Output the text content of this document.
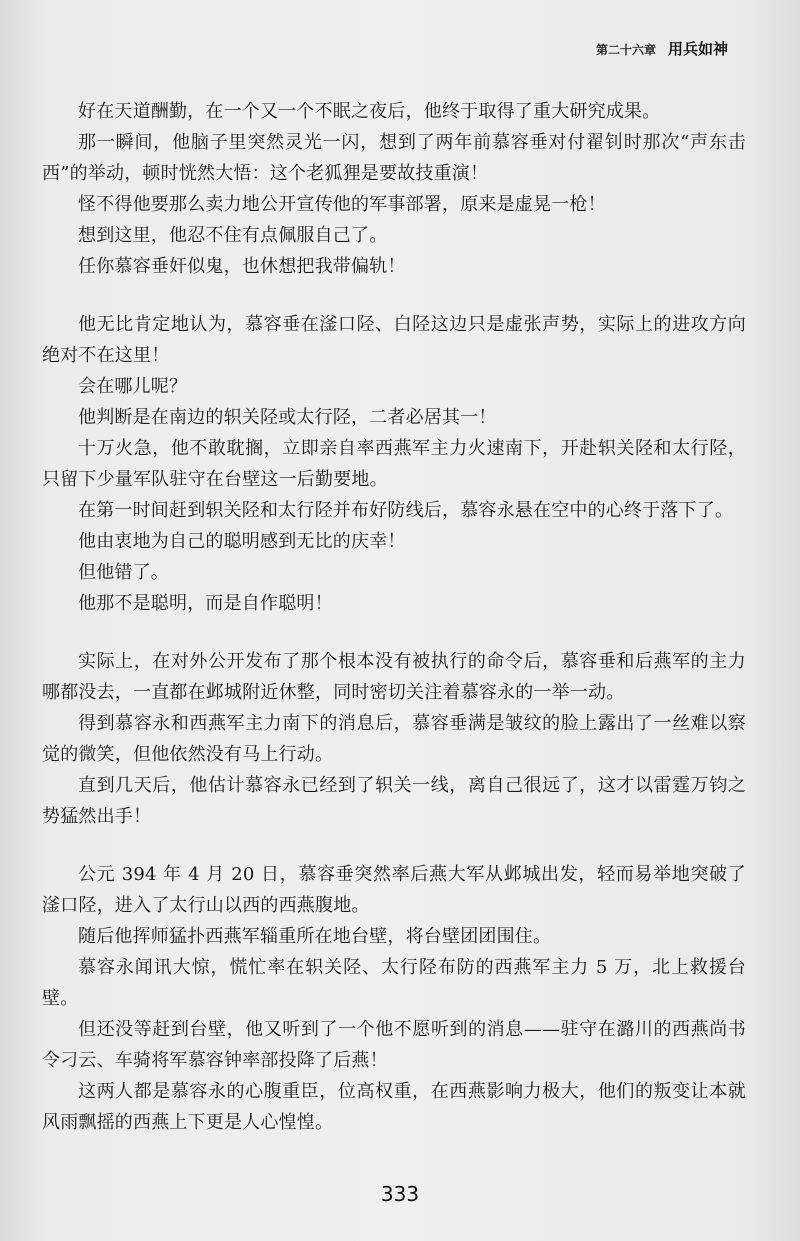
第二十六章 用兵如神

好在天道酬勤，在一个又一个不眠之夜后，他终于取得了重大研究成果。

那一瞬间，他脑子里突然灵光一闪，想到了两年前慕容垂对付翟钊时那次“声东击西”的举动，顿时恍然大悟：这个老狐狸是要故技重演！

怪不得他要那么卖力地公开宣传他的军事部署，原来是虚晃一枪！

想到这里，他忍不住有点佩服自己了。

任你慕容垂奸似鬼，也休想把我带偏轨！

他无比肯定地认为，慕容垂在滏口陉、白陉这边只是虚张声势，实际上的进攻方向绝对不在这里！

会在哪儿呢？

他判断是在南边的轵关陉或太行陉，二者必居其一！

十万火急，他不敢耽搁，立即亲自率西燕军主力火速南下，开赴轵关陉和太行陉，只留下少量军队驻守在台壁这一后勤要地。

在第一时间赶到轵关陉和太行陉并布好防线后，慕容永悬在空中的心终于落下了。

他由衷地为自己的聪明感到无比的庆幸！

但他错了。

他那不是聪明，而是自作聪明！

实际上，在对外公开发布了那个根本没有被执行的命令后，慕容垂和后燕军的主力哪都没去，一直都在邺城附近休整，同时密切关注着慕容永的一举一动。

得到慕容永和西燕军主力南下的消息后，慕容垂满是皱纹的脸上露出了一丝难以察觉的微笑，但他依然没有马上行动。

直到几天后，他估计慕容永已经到了轵关一线，离自己很远了，这才以雷霆万钧之势猛然出手！

公元 394 年 4 月 20 日，慕容垂突然率后燕大军从邺城出发，轻而易举地突破了滏口陉，进入了太行山以西的西燕腹地。

随后他挥师猛扑西燕军辎重所在地台壁，将台壁团团围住。

慕容永闻讯大惊，慌忙率在轵关陉、太行陉布防的西燕军主力 5 万，北上救援台壁。

但还没等赶到台壁，他又听到了一个他不愿听到的消息——驻守在潞川的西燕尚书令刁云、车骑将军慕容钟率部投降了后燕！

这两人都是慕容永的心腹重臣，位高权重，在西燕影响力极大，他们的叛变让本就风雨飘摇的西燕上下更是人心惶惶。

333
